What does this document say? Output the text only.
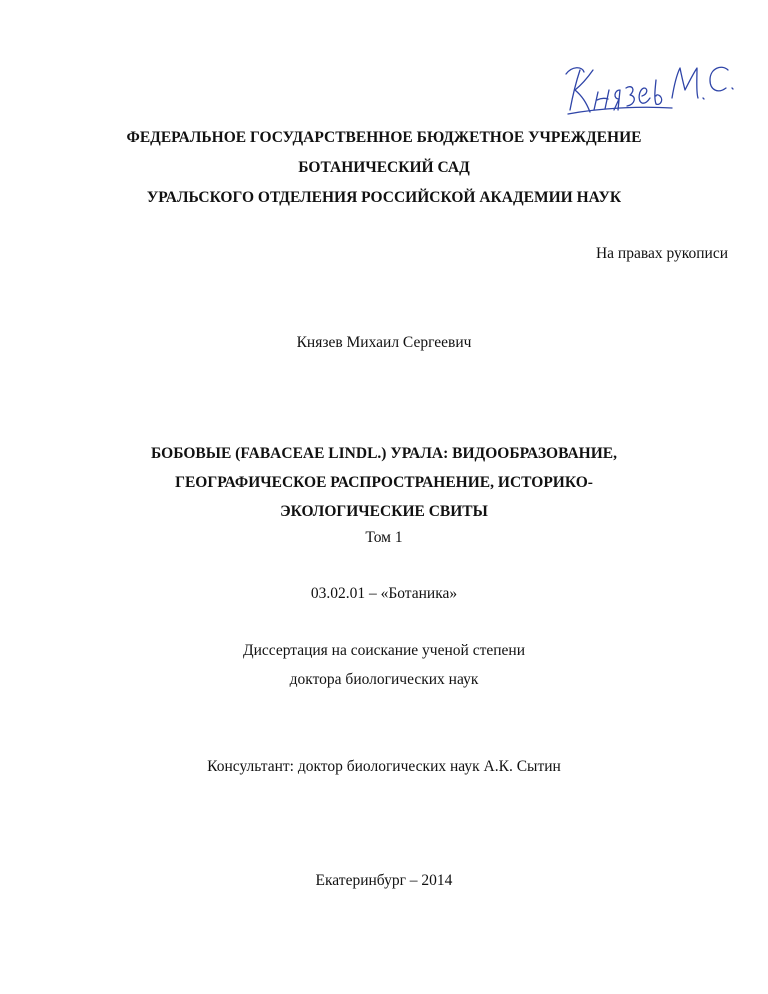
ФЕДЕРАЛЬНОЕ ГОСУДАРСТВЕННОЕ БЮДЖЕТНОЕ УЧРЕЖДЕНИЕ
БОТАНИЧЕСКИЙ САД
УРАЛЬСКОГО ОТДЕЛЕНИЯ РОССИЙСКОЙ АКАДЕМИИ НАУК
На правах рукописи
Князев Михаил Сергеевич
БОБОВЫЕ (FABACEAE LINDL.) УРАЛА: ВИДООБРАЗОВАНИЕ,
ГЕОГРАФИЧЕСКОЕ РАСПРОСТРАНЕНИЕ, ИСТОРИКО-
ЭКОЛОГИЧЕСКИЕ СВИТЫ
Том 1
03.02.01 – «Ботаника»
Диссертация на соискание ученой степени
доктора биологических наук
Консультант: доктор биологических наук А.К. Сытин
Екатеринбург – 2014
